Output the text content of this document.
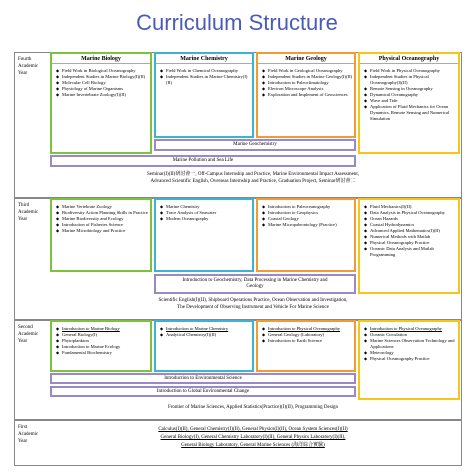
Curriculum Structure
Fourth
Academic
Year
Marine Biology
◆ Field Work in Biological Oceanography
◆ Independent Studies in Marine Biology(I)(II)
◆ Molecular Cell Biology
◆ Physiology of Marine Organisms
◆ Marine Invertebrate Zoology(I)(II)
Marine Chemistry
◆ Field Work in Chemical Oceanography
◆ Independent Studies in Marine Chemistry(I)(II)
Marine Geology
◆ Field Work in Geological Oceanography
◆ Independent Studies in Marine Geology(I)(II)
◆ Introduction to Paleoclimatology
◆ Electron Microscope Analysis
◆ Exploration and Implement of Geosciences
Physical Oceanography
◆ Field Work in Physical Oceanography
◆ Independent Studies in Physical Oceanography(I)(II)
◆ Remote Sensing in Oceanography
◆ Dynamical Oceanography
◆ Wave and Tide
◆ Application of Fluid Mechanics for Ocean Dynamics, Remote Sensing and Numerical Simulation
Marine Geochemistry
Marine Pollution and Sea Life
Seminar(I)(II)研討會一, Off-Campus Internship and Practice, Marine Environmental Impact Assessment,
Advanced Scientific English, Overseas Internship and Practice, Graduation Project, Seminar研討會二
Third
Academic
Year
◆ Marine Vertebrate Zoology
◆ Biodiversity Action Planning Skills in Practice
◆ Marine Biodiversity and Ecology
◆ Introduction of Fisheries Science
◆ Marine Microbiology and Practice
◆ Marine Chemistry
◆ Trace Analysis of Seawater
◆ Modern Oceanography
◆ Introduction to Paleoceanography
◆ Introduction to Geophysics
◆ Coastal Geology
◆ Marine Micropaleontology (Practice)
◆ Fluid Mechanics(I)(II)
◆ Data Analysis in Physical Oceanography
◆ Ocean Hazards
◆ Coastal Hydrodynamics
◆ Advanced Applied Mathematics(I)(II)
◆ Numerical Methods with Matlab
◆ Physical Oceanography Practice
◆ Oceanic Data Analysis and Matlab Programming
Introduction to Geochemistry, Data Processing in Marine Chemistry and Geology
Scientific English(I)(II), Shipboard Operations Practice, Ocean Observation and Investigation,
The Development of Observing Instrument and Vehicle For Marine Science
Second
Academic
Year
◆ Introduction to Marine Biology
◆ General Biology(I)
◆ Phytoplankton
◆ Introduction to Marine Ecology
◆ Fundamental Biochemistry
◆ Introduction to Marine Chemistry
◆ Analytical Chemistry(I)(II)
◆ Introduction to Physical Oceanography
◆ General Geology (Laboratory)
◆ Introduction to Earth Science
◆ Introduction to Physical Oceanography
◆ Oceanic Circulation
◆ Marine Sciences Observation Technology and Applications
◆ Meteorology
◆ Physical Oceanography Practice
Introduction to Environmental Science
Introduction to Global Environmental Change
Frontier of Marine Sciences, Applied Statistics(Practice)(I)(II), Programming Design
First
Academic
Year
Calculus(I)(II), General Chemistry(I)(II), General Physics(I)(II), Ocean System Sciences(I)(II)
General Biology(I), General Chemistry Laboratory(I)(II), General Physics Laboratory(I)(II),
General Biology Laboratory, General Marine Sciences (海洋綜合實驗)
